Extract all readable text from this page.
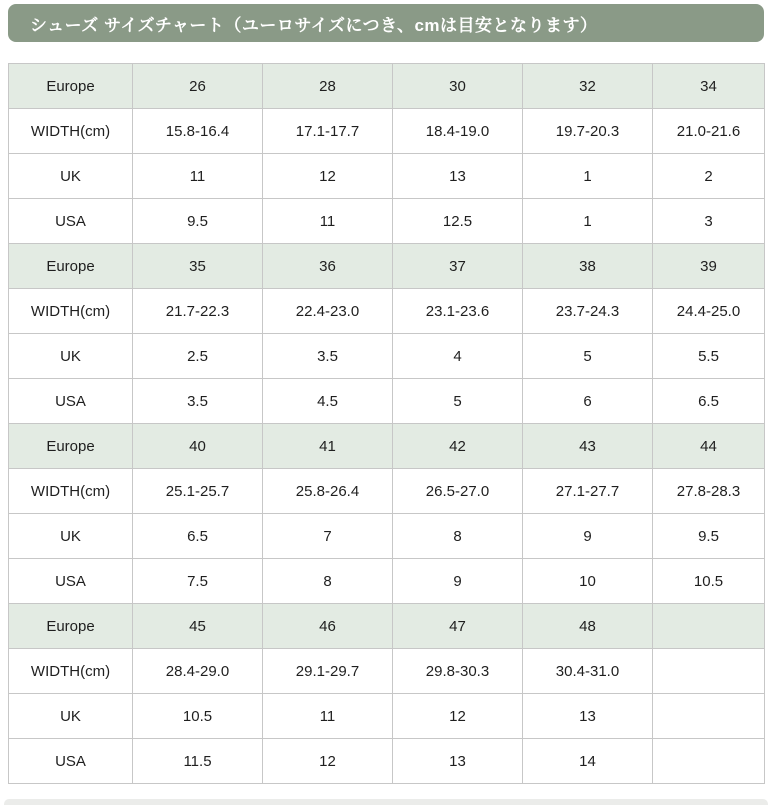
シューズ サイズチャート（ユーロサイズにつき、cmは目安となります）
Europe	26	28	30	32	34
WIDTH(cm)	15.8-16.4	17.1-17.7	18.4-19.0	19.7-20.3	21.0-21.6
UK	11	12	13	1	2
USA	9.5	11	12.5	1	3
Europe	35	36	37	38	39
WIDTH(cm)	21.7-22.3	22.4-23.0	23.1-23.6	23.7-24.3	24.4-25.0
UK	2.5	3.5	4	5	5.5
USA	3.5	4.5	5	6	6.5
Europe	40	41	42	43	44
WIDTH(cm)	25.1-25.7	25.8-26.4	26.5-27.0	27.1-27.7	27.8-28.3
UK	6.5	7	8	9	9.5
USA	7.5	8	9	10	10.5
Europe	45	46	47	48	
WIDTH(cm)	28.4-29.0	29.1-29.7	29.8-30.3	30.4-31.0	
UK	10.5	11	12	13	
USA	11.5	12	13	14	
